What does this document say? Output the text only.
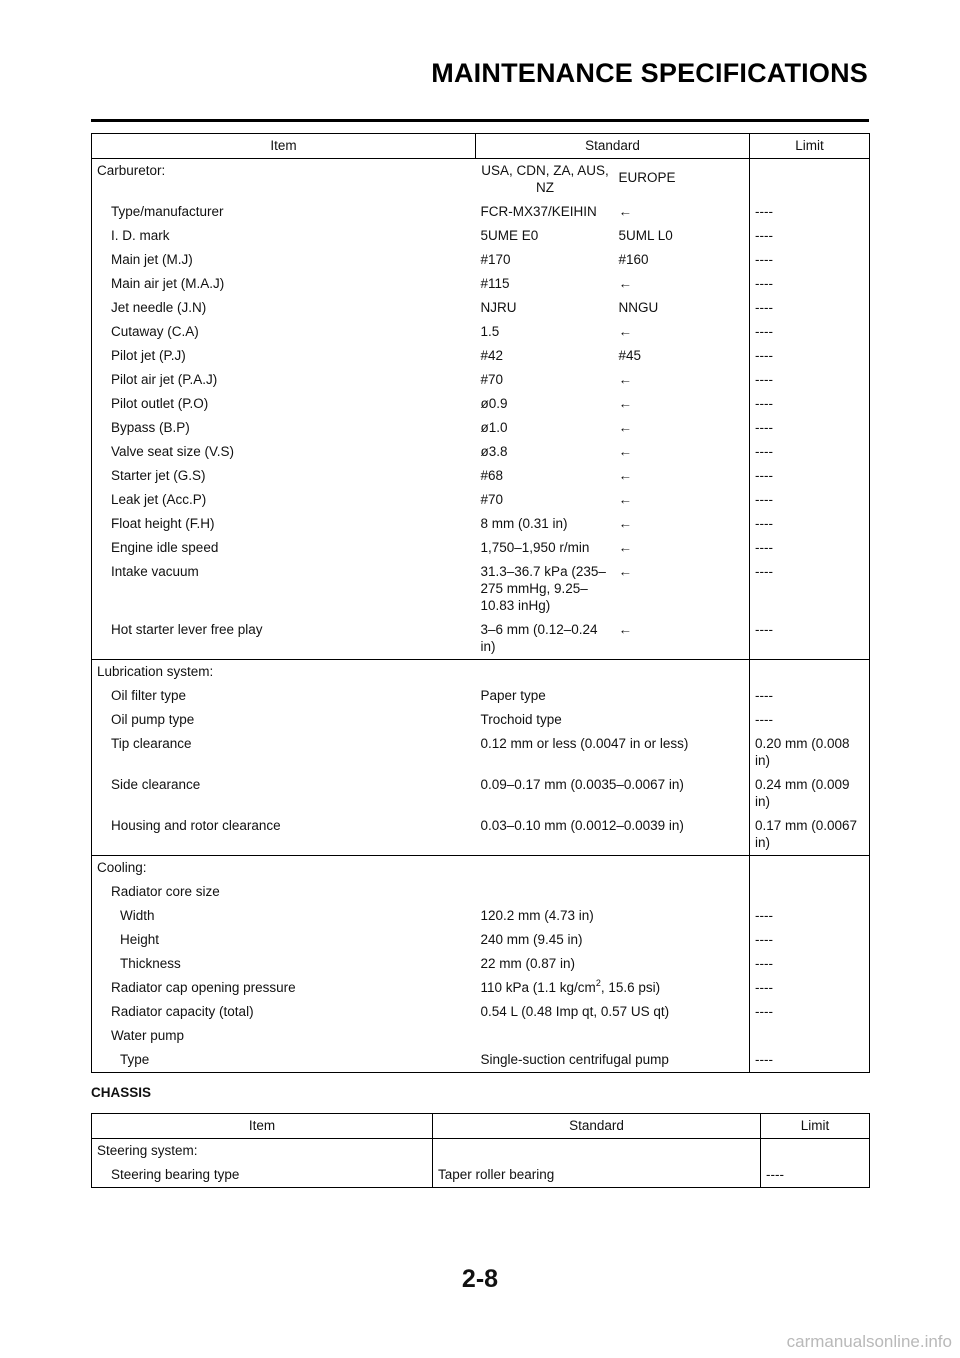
MAINTENANCE SPECIFICATIONS
Item	Standard		Limit
Carburetor:	USA, CDN, ZA, AUS, NZ	EUROPE	
Type/manufacturer	FCR-MX37/KEIHIN	←	----
I. D. mark	5UME E0	5UML L0	----
Main jet (M.J)	#170	#160	----
Main air jet (M.A.J)	#115	←	----
Jet needle (J.N)	NJRU	NNGU	----
Cutaway (C.A)	1.5	←	----
Pilot jet (P.J)	#42	#45	----
Pilot air jet (P.A.J)	#70	←	----
Pilot outlet (P.O)	ø0.9	←	----
Bypass (B.P)	ø1.0	←	----
Valve seat size (V.S)	ø3.8	←	----
Starter jet (G.S)	#68	←	----
Leak jet (Acc.P)	#70	←	----
Float height (F.H)	8 mm (0.31 in)	←	----
Engine idle speed	1,750–1,950 r/min	←	----
Intake vacuum	31.3–36.7 kPa (235–275 mmHg, 9.25–10.83 inHg)	←	----
Hot starter lever free play	3–6 mm (0.12–0.24 in)	←	----
Lubrication system:			
Oil filter type	Paper type		----
Oil pump type	Trochoid type		----
Tip clearance	0.12 mm or less (0.0047 in or less)		0.20 mm (0.008 in)
Side clearance	0.09–0.17 mm (0.0035–0.0067 in)		0.24 mm (0.009 in)
Housing and rotor clearance	0.03–0.10 mm (0.0012–0.0039 in)		0.17 mm (0.0067 in)
Cooling:			
Radiator core size			
Width	120.2 mm (4.73 in)		----
Height	240 mm (9.45 in)		----
Thickness	22 mm (0.87 in)		----
Radiator cap opening pressure	110 kPa (1.1 $kg/cm^2$, 15.6 psi)		----
Radiator capacity (total)	0.54 L (0.48 Imp qt, 0.57 US qt)		----
Water pump			
Type	Single-suction centrifugal pump		----
CHASSIS
Item	Standard	Limit
Steering system:		
Steering bearing type	Taper roller bearing	----
2-8
carmanualsonline.info
